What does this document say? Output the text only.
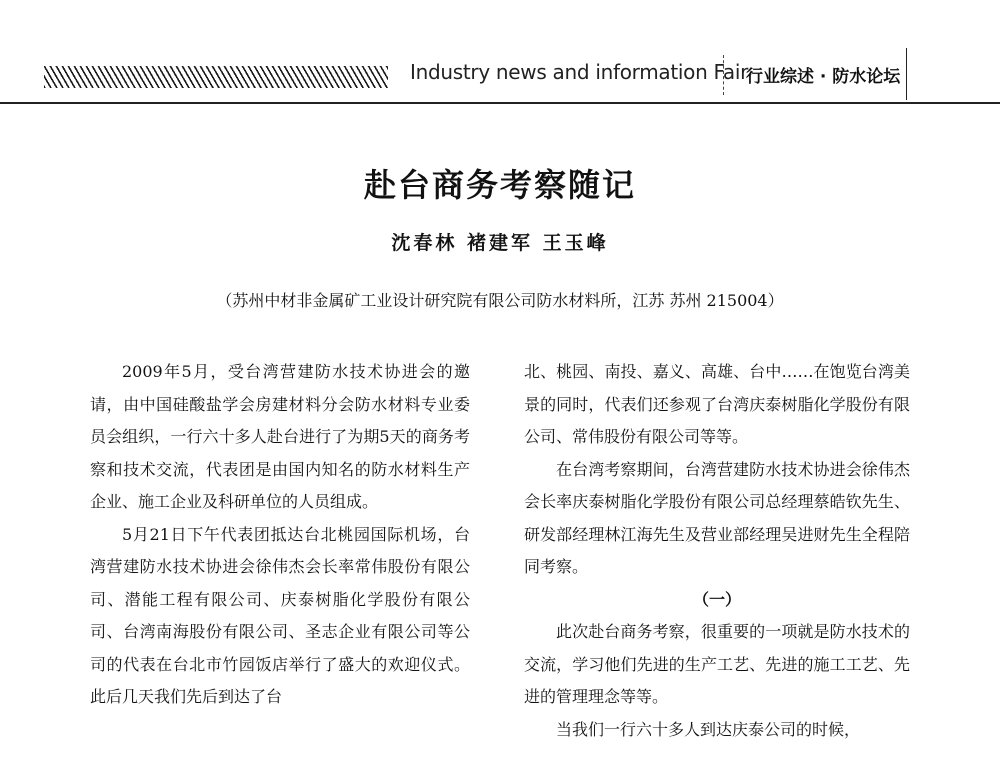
Industry news and information Fair
行业综述 · 防水论坛
赴台商务考察随记
沈春林 褚建军 王玉峰
（苏州中材非金属矿工业设计研究院有限公司防水材料所，江苏 苏州 215004）

2009年5月，受台湾营建防水技术协进会的邀请，由中国硅酸盐学会房建材料分会防水材料专业委员会组织，一行六十多人赴台进行了为期5天的商务考察和技术交流，代表团是由国内知名的防水材料生产企业、施工企业及科研单位的人员组成。

5月21日下午代表团抵达台北桃园国际机场，台湾营建防水技术协进会徐伟杰会长率常伟股份有限公司、潜能工程有限公司、庆泰树脂化学股份有限公司、台湾南海股份有限公司、圣志企业有限公司等公司的代表在台北市竹园饭店举行了盛大的欢迎仪式。此后几天我们先后到达了台

北、桃园、南投、嘉义、高雄、台中……在饱览台湾美景的同时，代表们还参观了台湾庆泰树脂化学股份有限公司、常伟股份有限公司等等。

在台湾考察期间，台湾营建防水技术协进会徐伟杰会长率庆泰树脂化学股份有限公司总经理蔡皓钦先生、研发部经理林江海先生及营业部经理吴进财先生全程陪同考察。

（一）

此次赴台商务考察，很重要的一项就是防水技术的交流，学习他们先进的生产工艺、先进的施工工艺、先进的管理理念等等。

当我们一行六十多人到达庆泰公司的时候，
